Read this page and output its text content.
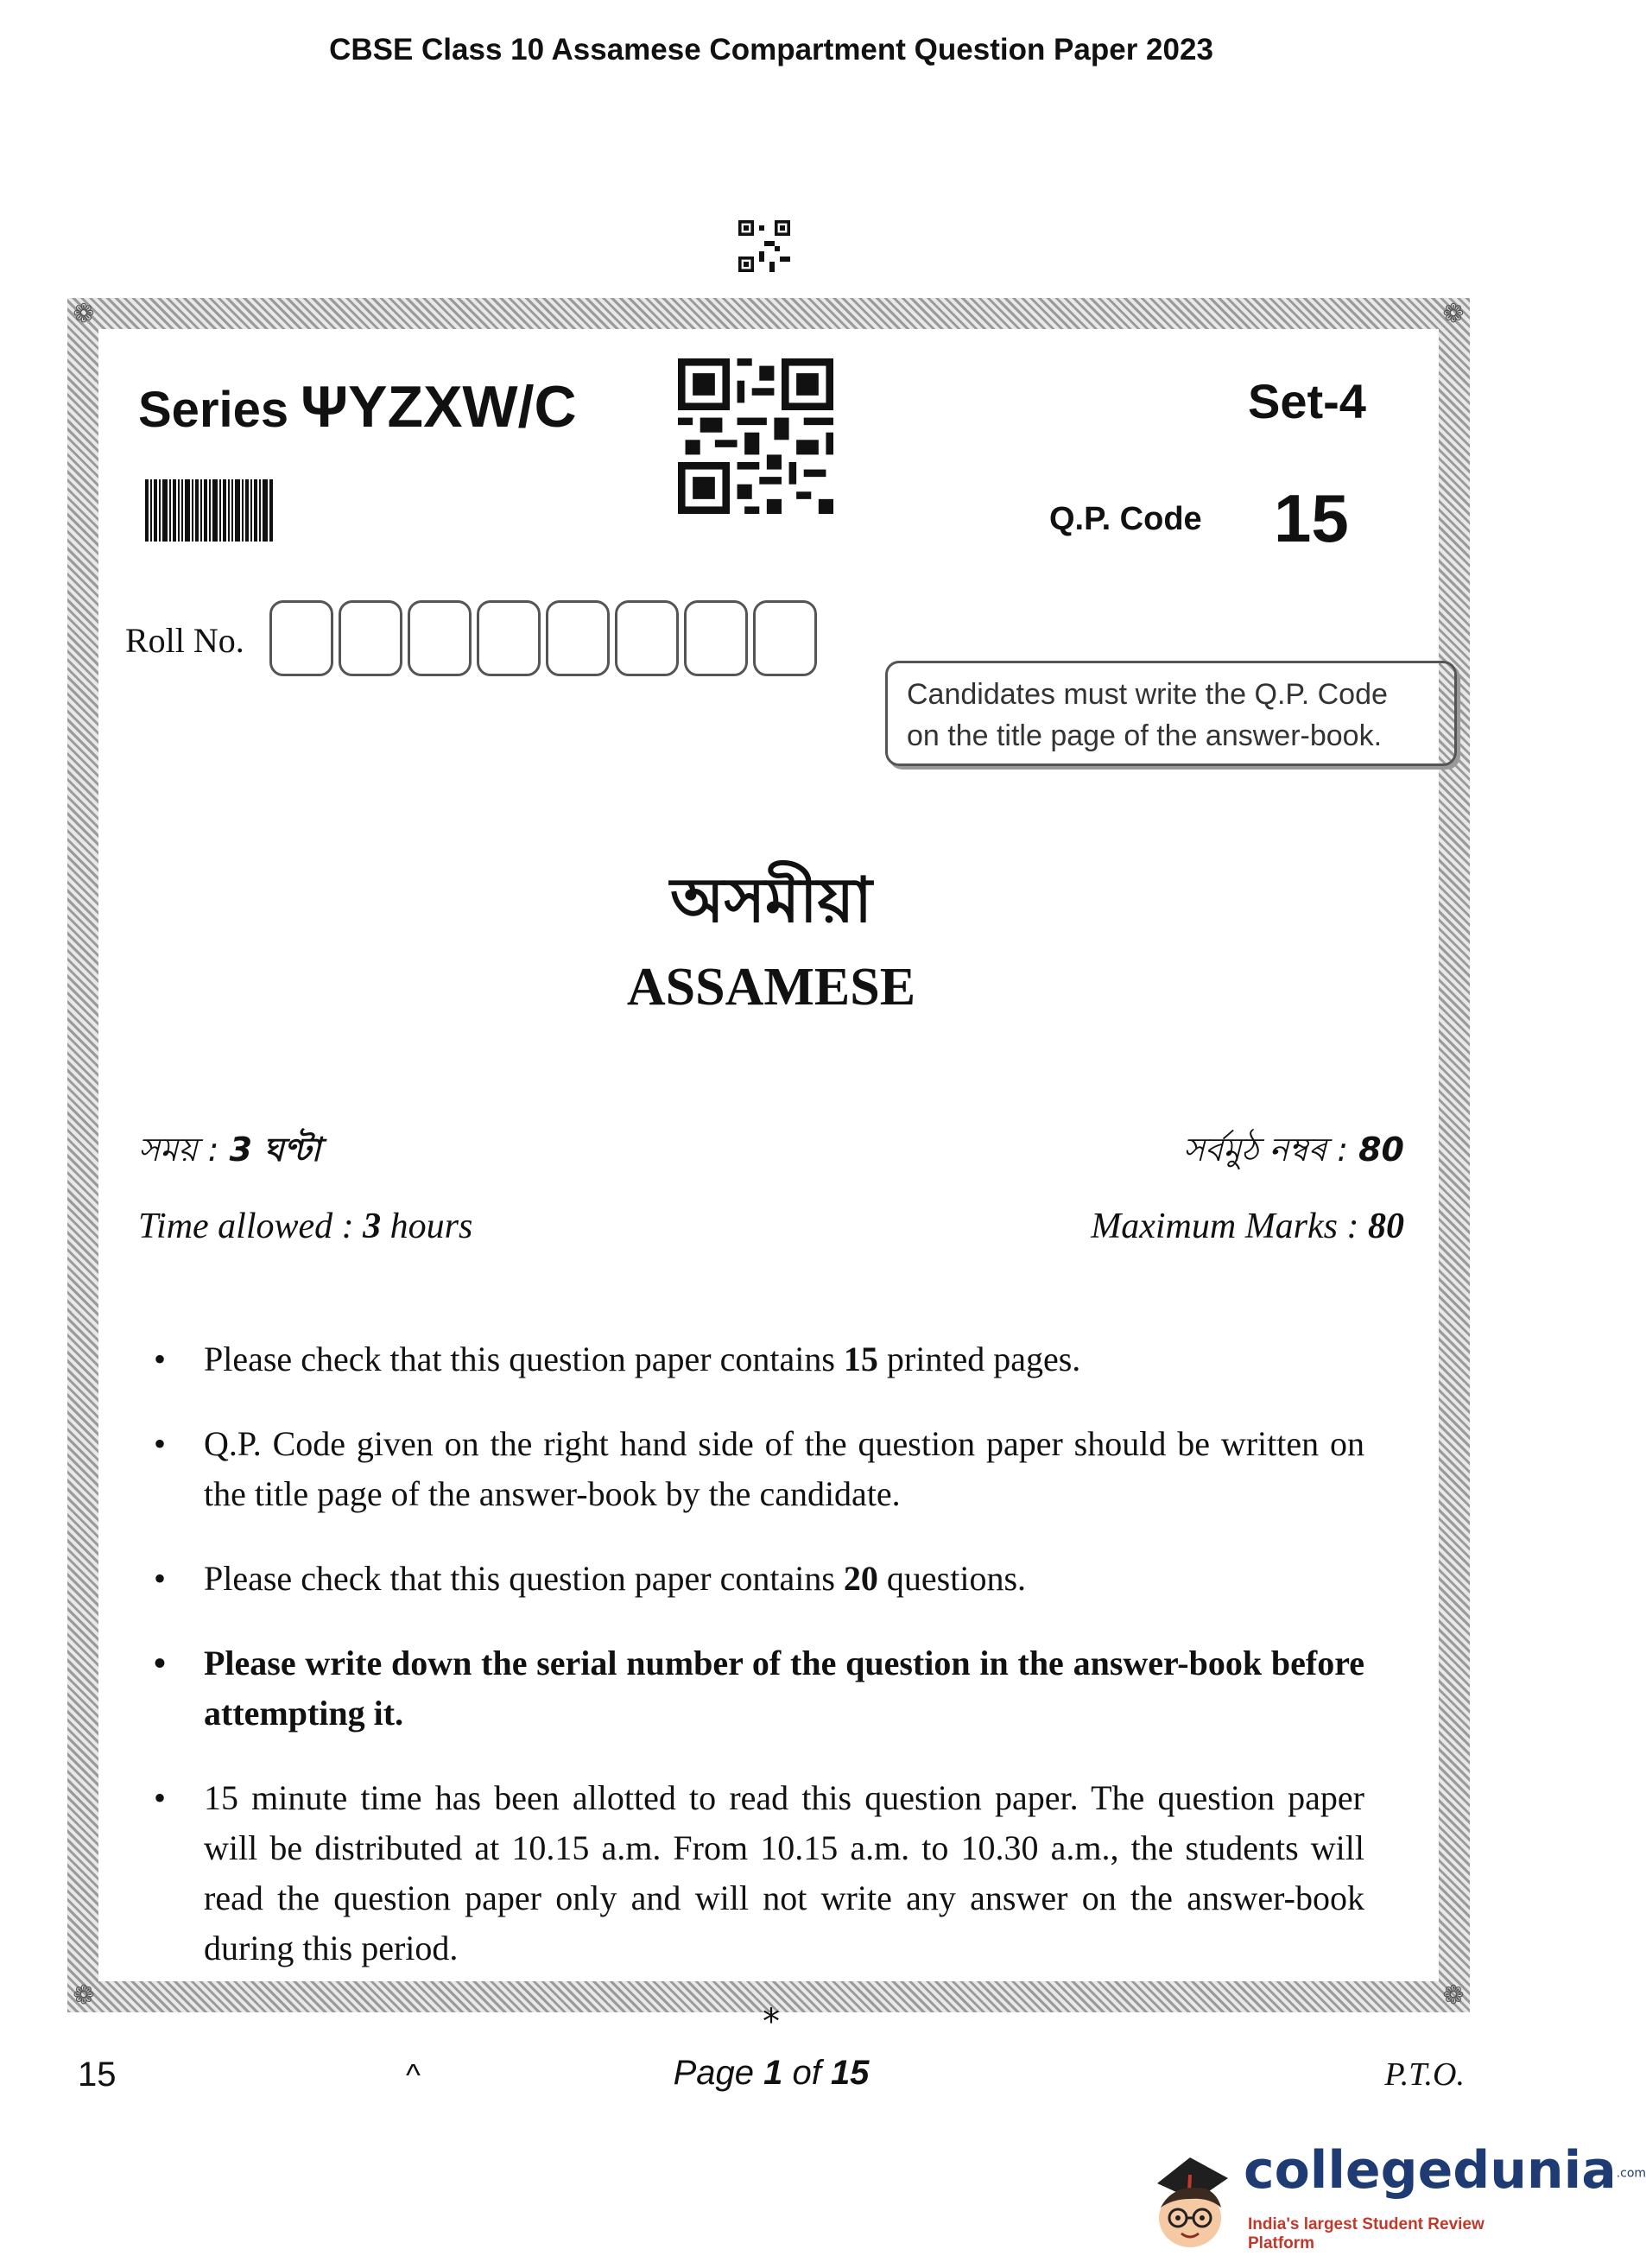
CBSE Class 10 Assamese Compartment Question Paper 2023
❁	❁
❁	❁
Series ΨYZXW/C	Set-4
Q.P. Code 15
Roll No.
Candidates must write the Q.P. Code
on the title page of the answer-book.
অসমীয়া
ASSAMESE
সময় : 3 ঘণ্টা	সৰ্বমুঠ নম্বৰ : 80
Time allowed : 3 hours	Maximum Marks : 80
• Please check that this question paper contains 15 printed pages.
• Q.P. Code given on the right hand side of the question paper should be written on the title page of the answer-book by the candidate.
• Please check that this question paper contains 20 questions.
• Please write down the serial number of the question in the answer-book before attempting it.
• 15 minute time has been allotted to read this question paper. The question paper will be distributed at 10.15 a.m. From 10.15 a.m. to 10.30 a.m., the students will read the question paper only and will not write any answer on the answer-book during this period.
*
15	^	Page 1 of 15	P.T.O.
collegedunia.com
India's largest Student Review Platform
